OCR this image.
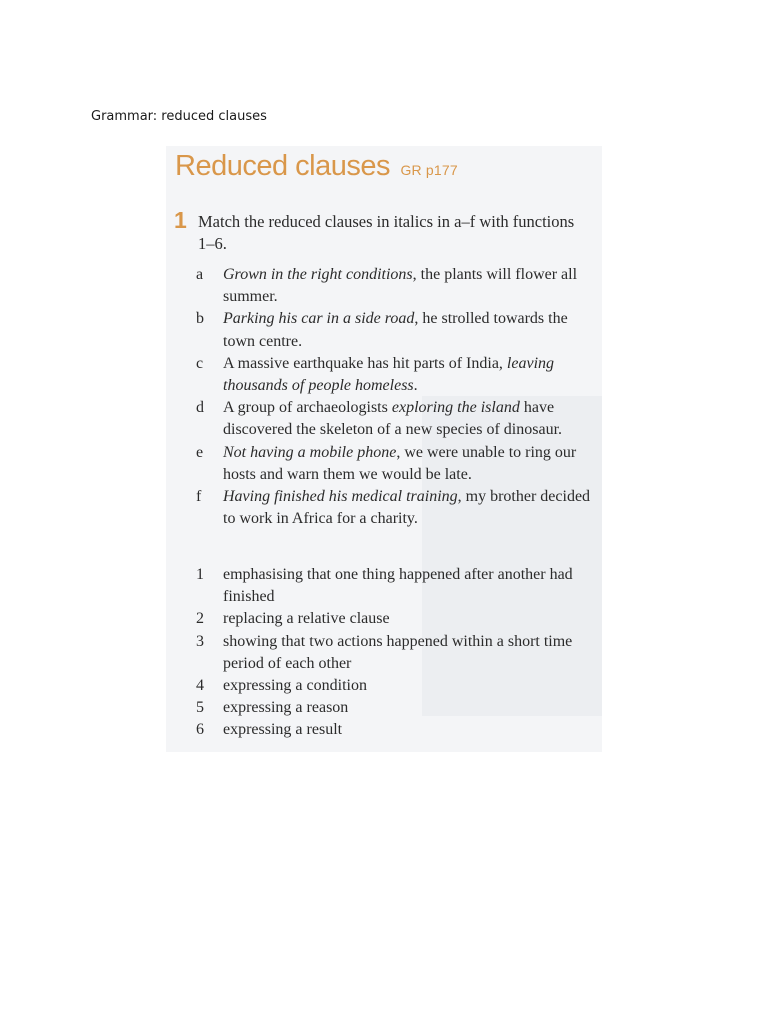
Grammar: reduced clauses
Reduced clauses GR p177
1 Match the reduced clauses in italics in a–f with functions 1–6.
a	Grown in the right conditions, the plants will flower all summer.
b	Parking his car in a side road, he strolled towards the town centre.
c	A massive earthquake has hit parts of India, leaving thousands of people homeless.
d	A group of archaeologists exploring the island have discovered the skeleton of a new species of dinosaur.
e	Not having a mobile phone, we were unable to ring our hosts and warn them we would be late.
f	Having finished his medical training, my brother decided to work in Africa for a charity.
1	emphasising that one thing happened after another had finished
2	replacing a relative clause
3	showing that two actions happened within a short time period of each other
4	expressing a condition
5	expressing a reason
6	expressing a result
